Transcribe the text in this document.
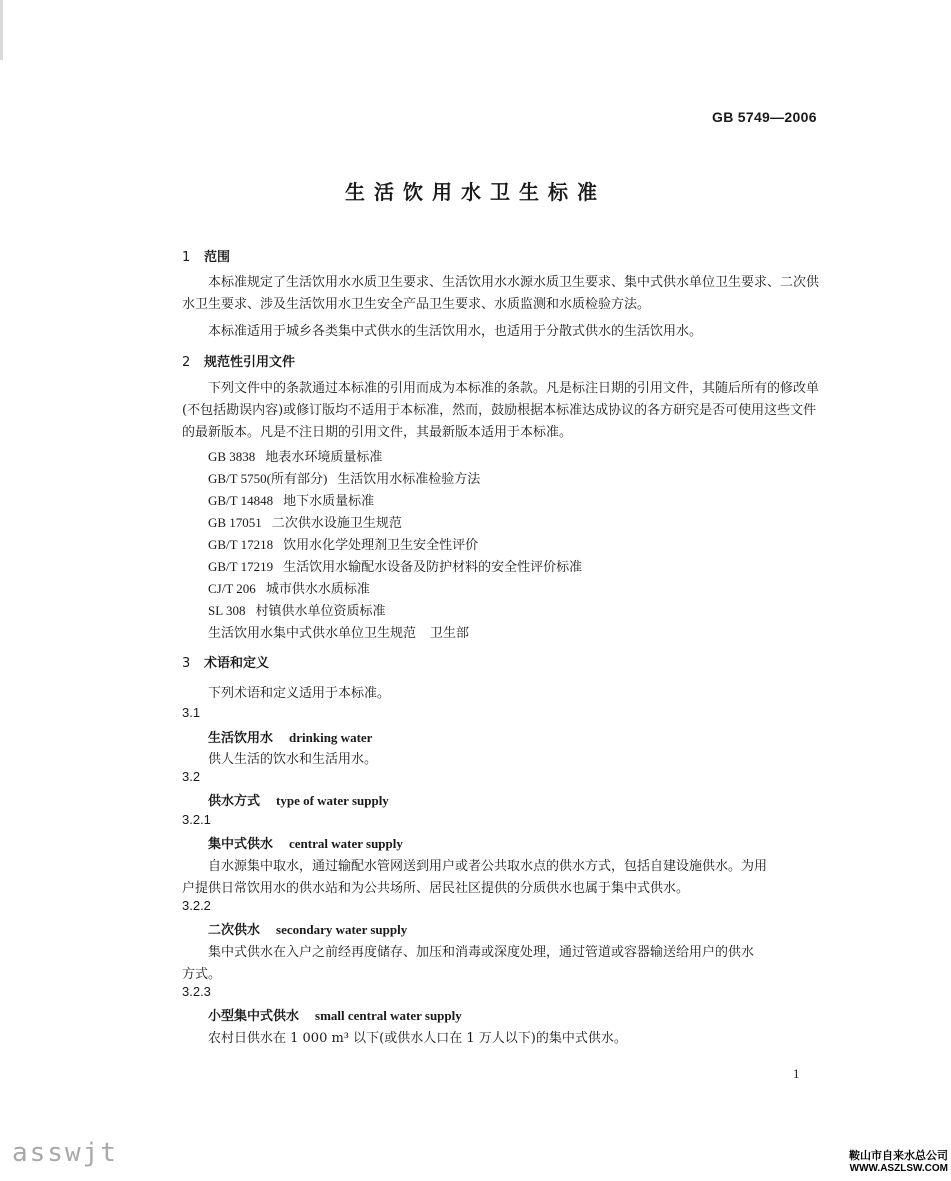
GB 5749—2006
生活饮用水卫生标准
1 范围
本标准规定了生活饮用水水质卫生要求、生活饮用水水源水质卫生要求、集中式供水单位卫生要求、二次供水卫生要求、涉及生活饮用水卫生安全产品卫生要求、水质监测和水质检验方法。
本标准适用于城乡各类集中式供水的生活饮用水，也适用于分散式供水的生活饮用水。
2 规范性引用文件
下列文件中的条款通过本标准的引用而成为本标准的条款。凡是标注日期的引用文件，其随后所有的修改单(不包括勘误内容)或修订版均不适用于本标准，然而，鼓励根据本标准达成协议的各方研究是否可使用这些文件的最新版本。凡是不注日期的引用文件，其最新版本适用于本标准。
GB 3838 地表水环境质量标准
GB/T 5750(所有部分) 生活饮用水标准检验方法
GB/T 14848 地下水质量标准
GB 17051 二次供水设施卫生规范
GB/T 17218 饮用水化学处理剂卫生安全性评价
GB/T 17219 生活饮用水输配水设备及防护材料的安全性评价标准
CJ/T 206 城市供水水质标准
SL 308 村镇供水单位资质标准
生活饮用水集中式供水单位卫生规范 卫生部
3 术语和定义
下列术语和定义适用于本标准。
3.1
生活饮用水 drinking water
供人生活的饮水和生活用水。
3.2
供水方式 type of water supply
3.2.1
集中式供水 central water supply
自水源集中取水，通过输配水管网送到用户或者公共取水点的供水方式，包括自建设施供水。为用
户提供日常饮用水的供水站和为公共场所、居民社区提供的分质供水也属于集中式供水。
3.2.2
二次供水 secondary water supply
集中式供水在入户之前经再度储存、加压和消毒或深度处理，通过管道或容器输送给用户的供水
方式。
3.2.3
小型集中式供水 small central water supply
农村日供水在 1 000 m³ 以下(或供水人口在 1 万人以下)的集中式供水。
1
asswjt	鞍山市自来水总公司
WWW.ASZLSW.COM
